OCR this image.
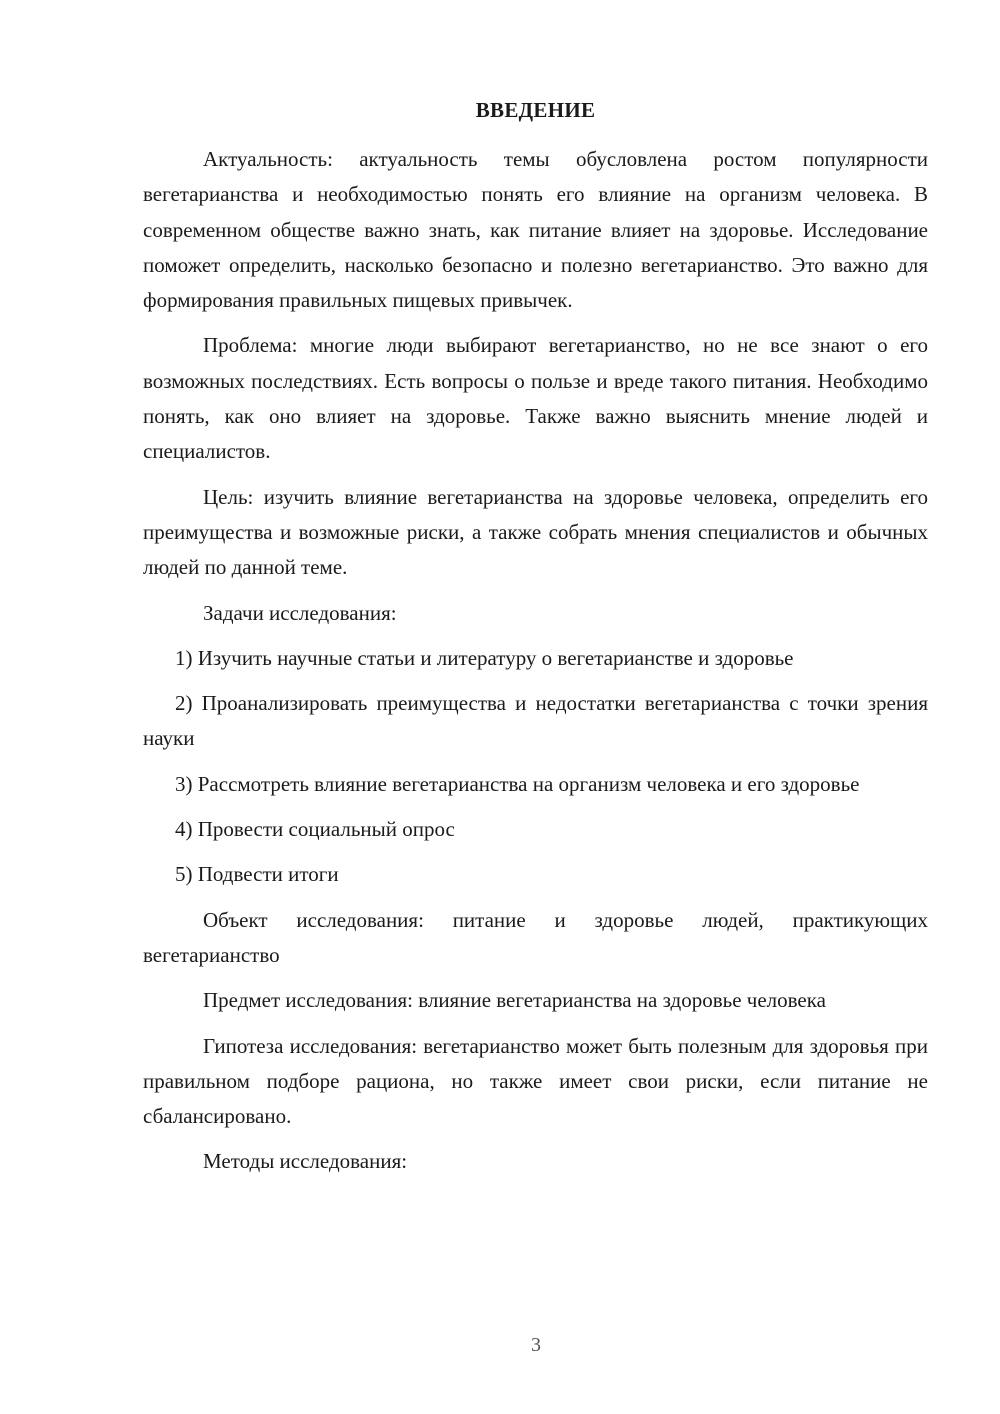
ВВЕДЕНИЕ

Актуальность: актуальность темы обусловлена ростом популярности вегетарианства и необходимостью понять его влияние на организм человека. В современном обществе важно знать, как питание влияет на здоровье. Исследование поможет определить, насколько безопасно и полезно вегетарианство. Это важно для формирования правильных пищевых привычек.

Проблема: многие люди выбирают вегетарианство, но не все знают о его возможных последствиях. Есть вопросы о пользе и вреде такого питания. Необходимо понять, как оно влияет на здоровье. Также важно выяснить мнение людей и специалистов.

Цель: изучить влияние вегетарианства на здоровье человека, определить его преимущества и возможные риски, а также собрать мнения специалистов и обычных людей по данной теме.

Задачи исследования:

1) Изучить научные статьи и литературу о вегетарианстве и здоровье

2) Проанализировать преимущества и недостатки вегетарианства с точки зрения науки

3) Рассмотреть влияние вегетарианства на организм человека и его здоровье

4) Провести социальный опрос

5) Подвести итоги

Объект исследования: питание и здоровье людей, практикующих вегетарианство

Предмет исследования: влияние вегетарианства на здоровье человека

Гипотеза исследования: вегетарианство может быть полезным для здоровья при правильном подборе рациона, но также имеет свои риски, если питание не сбалансировано.

Методы исследования:

3
